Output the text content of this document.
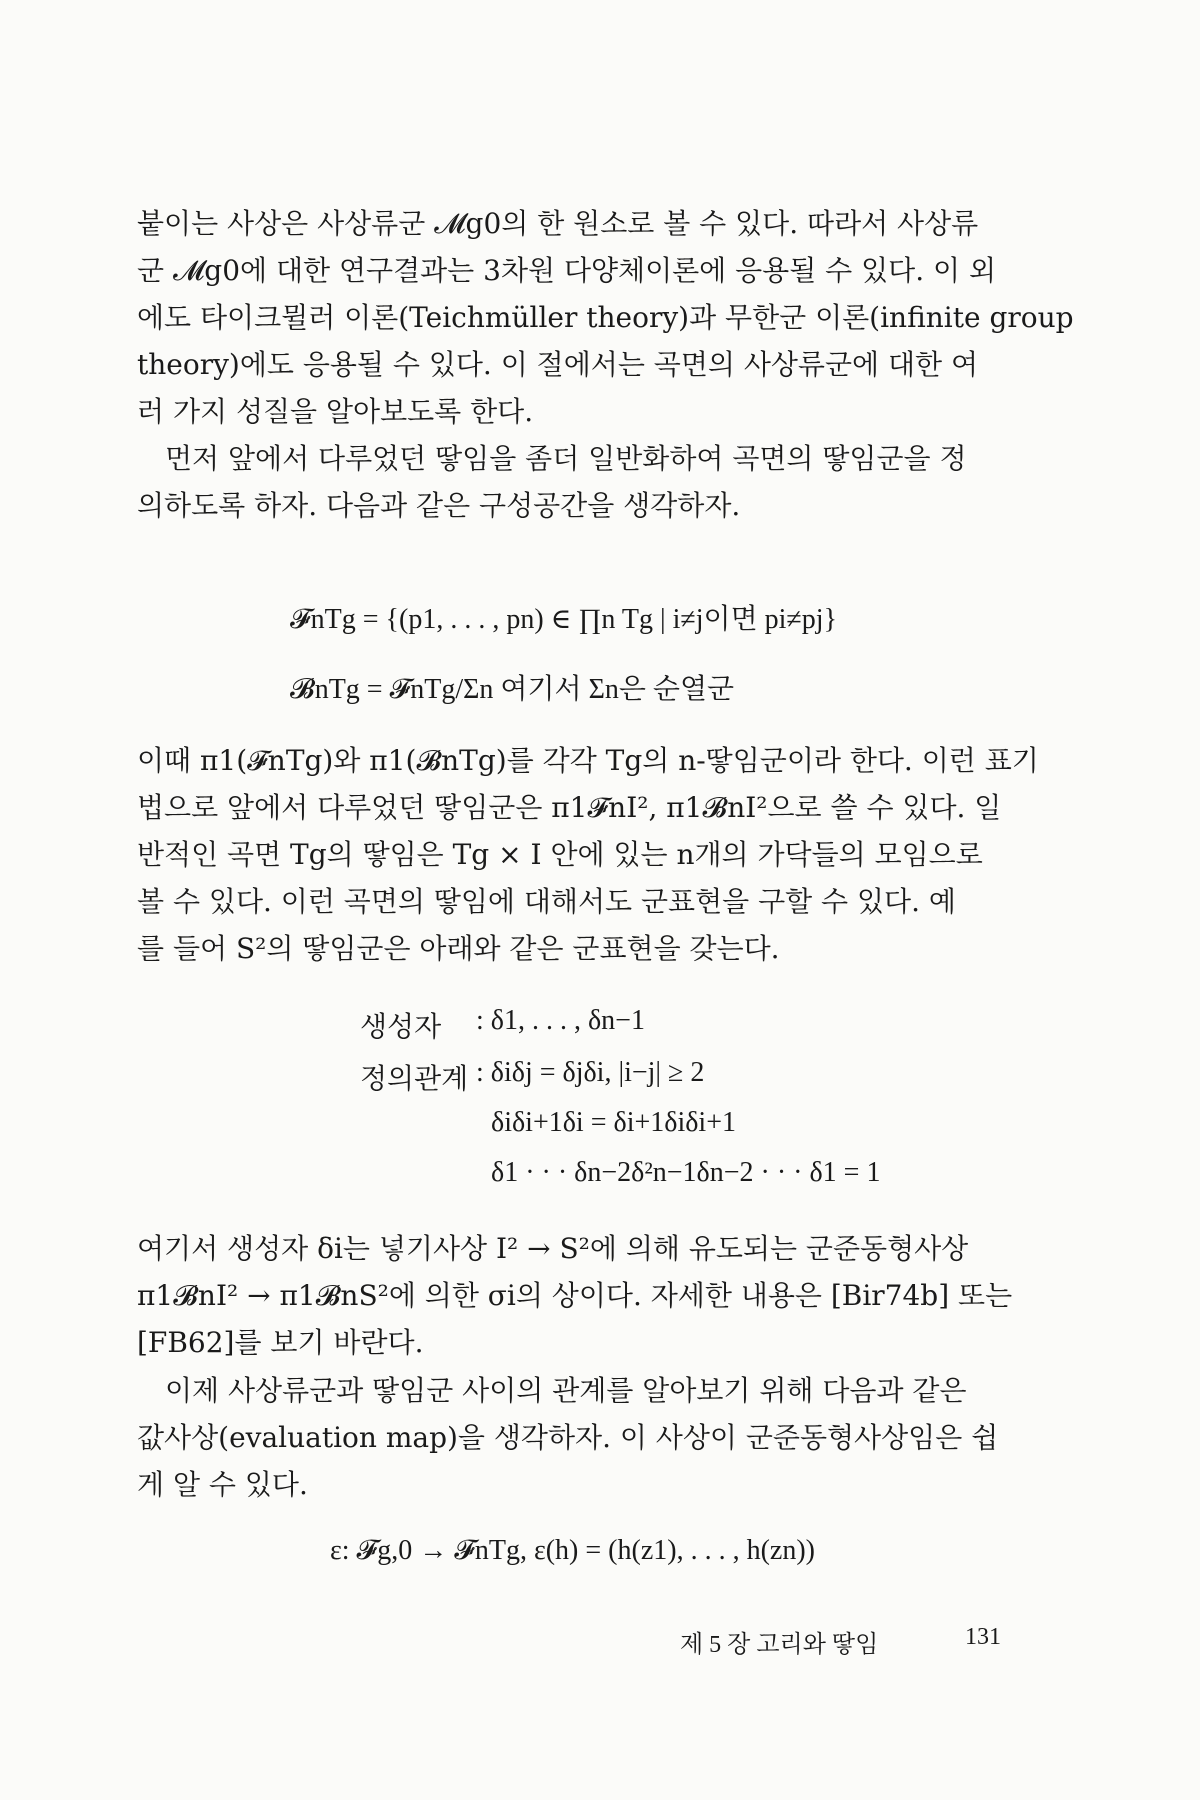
붙이는 사상은 사상류군 𝓜g0의 한 원소로 볼 수 있다. 따라서 사상류
군 𝓜g0에 대한 연구결과는 3차원 다양체이론에 응용될 수 있다. 이 외
에도 타이크뮐러 이론(Teichmüller theory)과 무한군 이론(infinite group
theory)에도 응용될 수 있다. 이 절에서는 곡면의 사상류군에 대한 여
러 가지 성질을 알아보도록 한다.

먼저 앞에서 다루었던 땋임을 좀더 일반화하여 곡면의 땋임군을 정
의하도록 하자. 다음과 같은 구성공간을 생각하자.

𝓕nTg = {(p1, . . . , pn) ∈ ∏n Tg | i≠j이면 pi≠pj}
𝓑nTg = 𝓕nTg/Σn 여기서 Σn은 순열군

이때 π1(𝓕nTg)와 π1(𝓑nTg)를 각각 Tg의 n-땋임군이라 한다. 이런 표기
법으로 앞에서 다루었던 땋임군은 π1𝓕nI², π1𝓑nI²으로 쓸 수 있다. 일
반적인 곡면 Tg의 땋임은 Tg × I 안에 있는 n개의 가닥들의 모임으로
볼 수 있다. 이런 곡면의 땋임에 대해서도 군표현을 구할 수 있다. 예
를 들어 S²의 땋임군은 아래와 같은 군표현을 갖는다.

생성자 : δ1, . . . , δn−1
정의관계 : δiδj = δjδi, |i−j| ≥ 2
δiδi+1δi = δi+1δiδi+1
δ1 · · · δn−2δ²n−1δn−2 · · · δ1 = 1

여기서 생성자 δi는 넣기사상 I² → S²에 의해 유도되는 군준동형사상
π1𝓑nI² → π1𝓑nS²에 의한 σi의 상이다. 자세한 내용은 [Bir74b] 또는
[FB62]를 보기 바란다.

이제 사상류군과 땋임군 사이의 관계를 알아보기 위해 다음과 같은
값사상(evaluation map)을 생각하자. 이 사상이 군준동형사상임은 쉽
게 알 수 있다.

ε: 𝓕g,0 → 𝓕nTg, ε(h) = (h(z1), . . . , h(zn))
제 5 장 고리와 땋임	131
